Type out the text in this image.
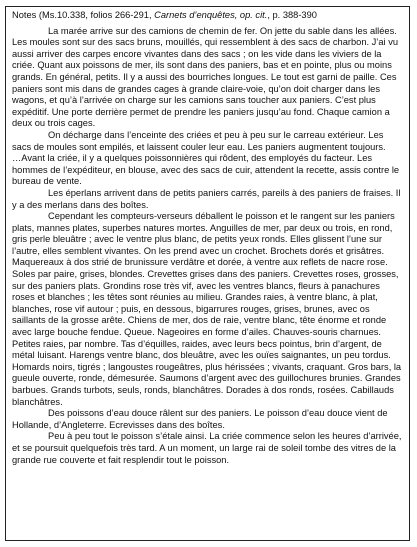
Notes (Ms.10.338, folios 266-291, Carnets d’enquêtes, op. cit., p. 388-390

La marée arrive sur des camions de chemin de fer. On jette du sable dans les allées. Les moules sont sur des sacs bruns, mouillés, qui ressemblent à des sacs de charbon. J’ai vu aussi arriver des carpes encore vivantes dans des sacs ; on les vide dans les viviers de la criée. Quant aux poissons de mer, ils sont dans des paniers, bas et en pointe, plus ou moins grands. En général, petits. Il y a aussi des bourriches longues. Le tout est garni de paille. Ces paniers sont mis dans de grandes cages à grande claire-voie, qu’on doit charger dans les wagons, et qu’à l’arrivée on charge sur les camions sans toucher aux paniers. C’est plus expéditif. Une porte derrière permet de prendre les paniers jusqu’au fond. Chaque camion a deux ou trois cages.

On décharge dans l’enceinte des criées et peu à peu sur le carreau extérieur. Les sacs de moules sont empilés, et laissent couler leur eau. Les paniers augmentent toujours.

…Avant la criée, il y a quelques poissonnières qui rôdent, des employés du facteur. Les hommes de l’expéditeur, en blouse, avec des sacs de cuir, attendent la recette, assis contre le bureau de vente.

Les éperlans arrivent dans de petits paniers carrés, pareils à des paniers de fraises. Il y a des merlans dans des boîtes.

Cependant les compteurs-verseurs déballent le poisson et le rangent sur les paniers plats, mannes plates, superbes natures mortes. Anguilles de mer, par deux ou trois, en rond, gris perle bleuâtre ; avec le ventre plus blanc, de petits yeux ronds. Elles glissent l’une sur l’autre, elles semblent vivantes. On les prend avec un crochet. Brochets dorés et grisâtres. Maquereaux à dos strié de brunissure verdâtre et dorée, à ventre aux reflets de nacre rose. Soles par paire, grises, blondes. Crevettes grises dans des paniers. Crevettes roses, grosses, sur des paniers plats. Grondins rose très vif, avec les ventres blancs, fleurs à panachures roses et blanches ; les têtes sont réunies au milieu. Grandes raies, à ventre blanc, à plat, blanches, rose vif autour ; puis, en dessous, bigarrures rouges, grises, brunes, avec os saillants de la grosse arête. Chiens de mer, dos de raie, ventre blanc, tête énorme et ronde avec large bouche fendue. Queue. Nageoires en forme d’ailes. Chauves-souris charnues. Petites raies, par nombre. Tas d’équilles, raides, avec leurs becs pointus, brin d’argent, de métal luisant. Harengs ventre blanc, dos bleuâtre, avec les ouïes saignantes, un peu tordus. Homards noirs, tigrés ; langoustes rougeâtres, plus hérissées ; vivants, craquant. Gros bars, la gueule ouverte, ronde, démesurée. Saumons d’argent avec des guillochures brunies. Grandes barbues. Grands turbots, seuls, ronds, blanchâtres. Dorades à dos ronds, rosées. Cabillauds blanchâtres.

Des poissons d’eau douce râlent sur des paniers. Le poisson d’eau douce vient de Hollande, d’Angleterre. Ecrevisses dans des boîtes.

Peu à peu tout le poisson s’étale ainsi. La criée commence selon les heures d’arrivée, et se poursuit quelquefois très tard. A un moment, un large rai de soleil tombe des vitres de la grande rue couverte et fait resplendir tout le poisson.
